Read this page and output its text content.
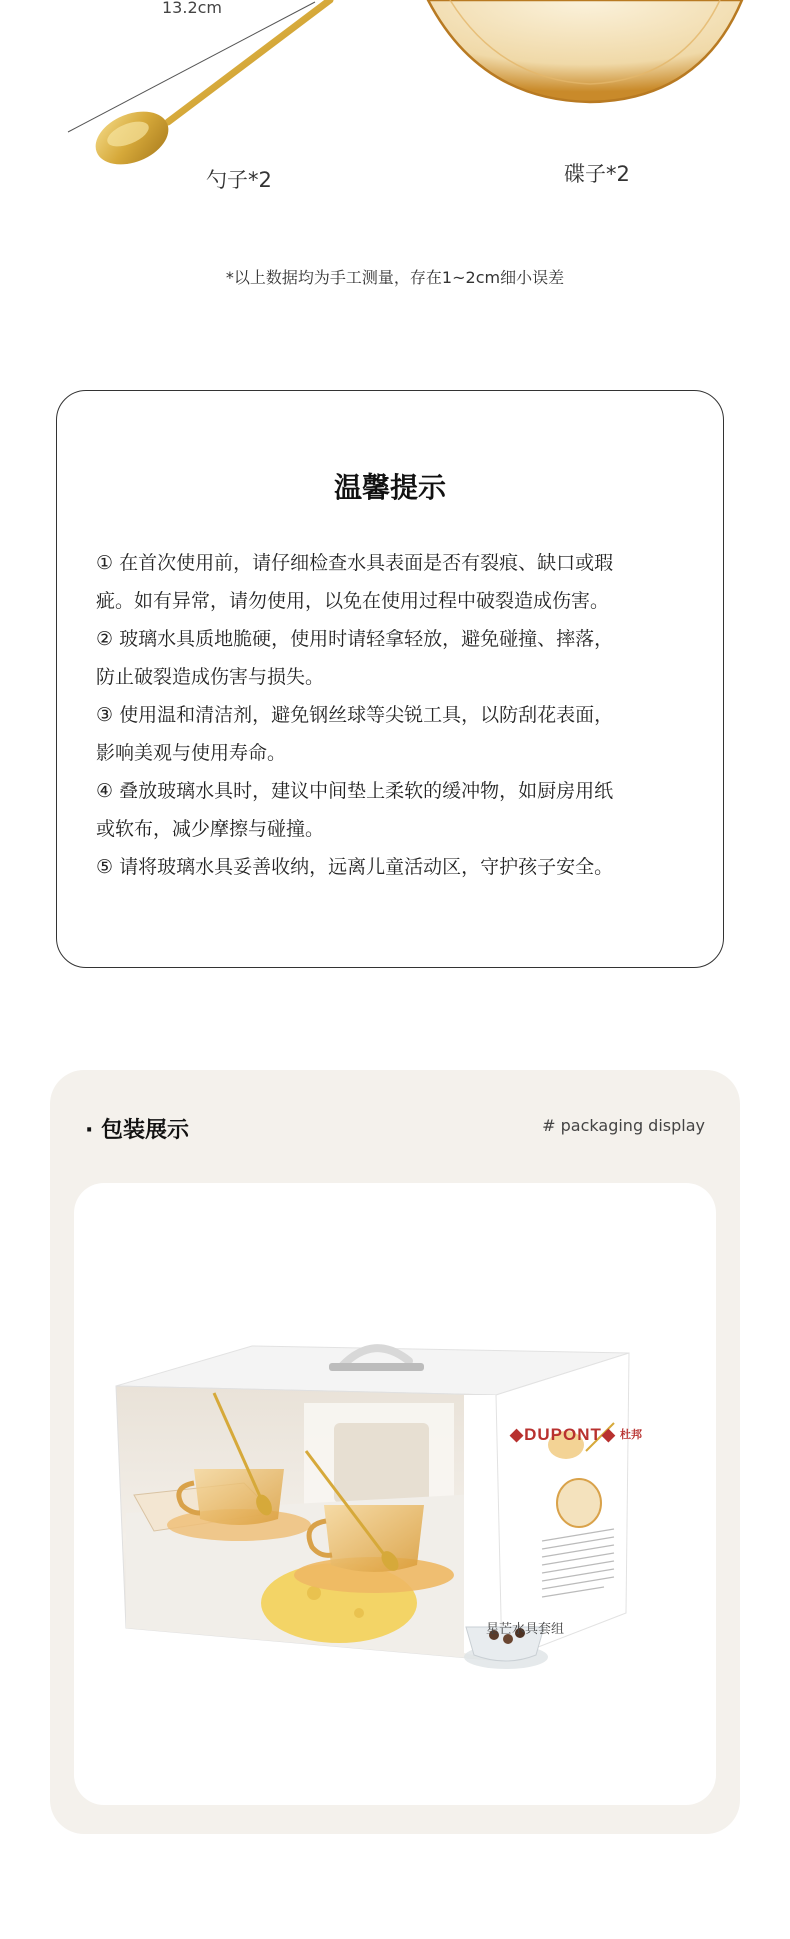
13.2cm
勺子*2	碟子*2

*以上数据均为手工测量，存在1~2cm细小误差

温馨提示
① 在首次使用前，请仔细检查水具表面是否有裂痕、缺口或瑕
疵。如有异常，请勿使用，以免在使用过程中破裂造成伤害。
② 玻璃水具质地脆硬，使用时请轻拿轻放，避免碰撞、摔落，
防止破裂造成伤害与损失。
③ 使用温和清洁剂，避免钢丝球等尖锐工具，以防刮花表面，
影响美观与使用寿命。
④ 叠放玻璃水具时，建议中间垫上柔软的缓冲物，如厨房用纸
或软布，减少摩擦与碰撞。
⑤ 请将玻璃水具妥善收纳，远离儿童活动区，守护孩子安全。
· 包装展示	# packaging display
◆DUPONT◆ 杜邦
星芒水具套组
